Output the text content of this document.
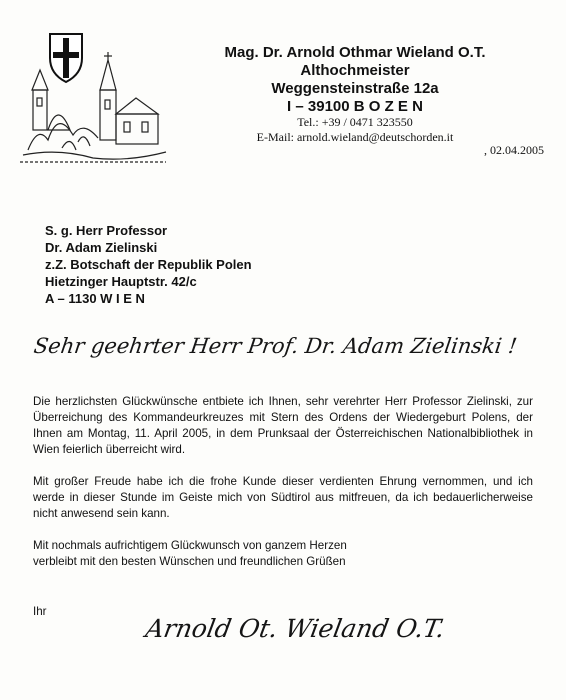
Mag. Dr. Arnold Othmar Wieland O.T.
Althochmeister
Weggensteinstraße 12a
I – 39100 B O Z E N
Tel.: +39 / 0471 323550
E-Mail: arnold.wieland@deutschorden.it
, 02.04.2005
S. g. Herr Professor
Dr. Adam Zielinski
z.Z. Botschaft der Republik Polen
Hietzinger Hauptstr. 42/c
A – 1130 W I E N
Sehr geehrter Herr Prof. Dr. Adam Zielinski !

Die herzlichsten Glückwünsche entbiete ich Ihnen, sehr verehrter Herr Professor Zielinski, zur Überreichung des Kommandeurkreuzes mit Stern des Ordens der Wiedergeburt Polens, der Ihnen am Montag, 11. April 2005, in dem Prunksaal der Österreichischen Nationalbibliothek in Wien feierlich überreicht wird.

Mit großer Freude habe ich die frohe Kunde dieser verdienten Ehrung vernommen, und ich werde in dieser Stunde im Geiste mich von Südtirol aus mitfreuen, da ich bedauerlicherweise nicht anwesend sein kann.

Mit nochmals aufrichtigem Glückwunsch von ganzem Herzen verbleibt mit den besten Wünschen und freundlichen Grüßen

Ihr
Arnold Ot. Wieland O.T.
